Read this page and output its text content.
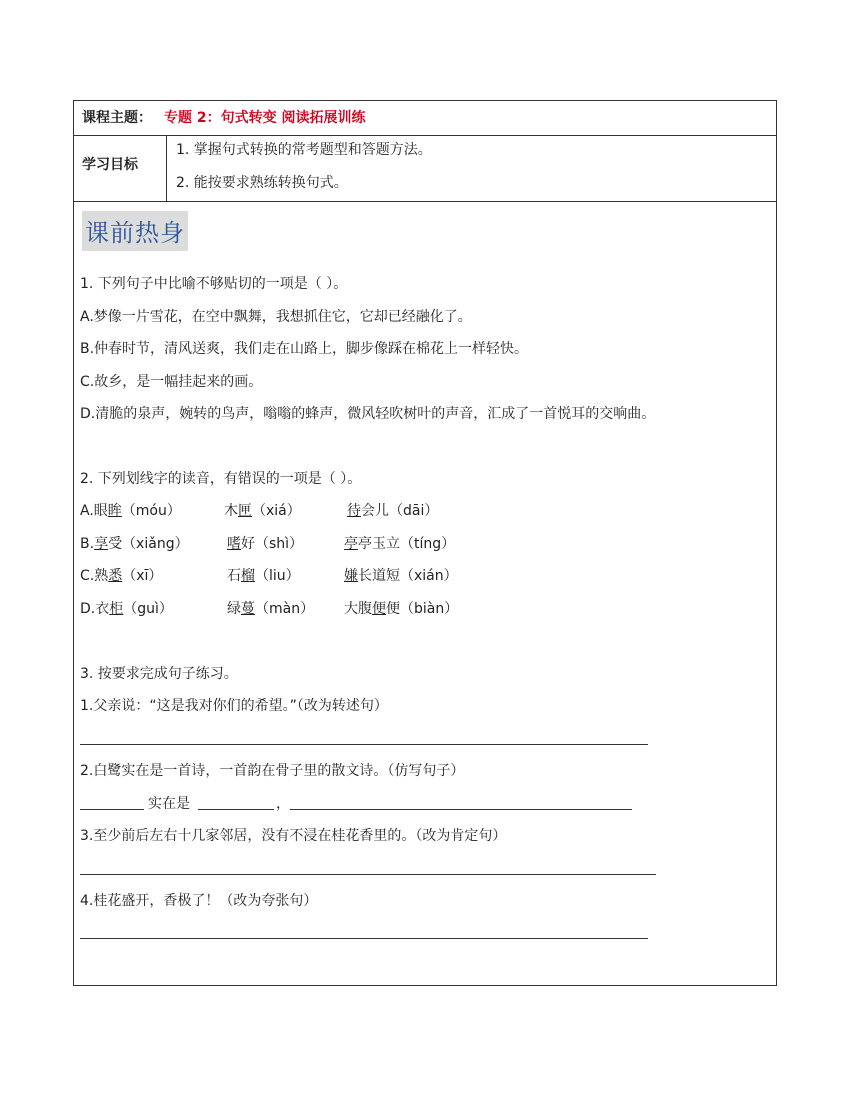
课程主题： 专题 2：句式转变 阅读拓展训练
学习目标
1. 掌握句式转换的常考题型和答题方法。
2. 能按要求熟练转换句式。
课前热身
1. 下列句子中比喻不够贴切的一项是（ ）。
A.梦像一片雪花，在空中飘舞，我想抓住它，它却已经融化了。
B.仲春时节，清风送爽，我们走在山路上，脚步像踩在棉花上一样轻快。
C.故乡，是一幅挂起来的画。
D.清脆的泉声，婉转的鸟声，嗡嗡的蜂声，微风轻吹树叶的声音，汇成了一首悦耳的交响曲。
2. 下列划线字的读音，有错误的一项是（ ）。
A.眼眸（móu）	木匣（xiá）	待会儿（dāi）
B.享受（xiǎng）	嗜好（shì）	亭亭玉立（tíng）
C.熟悉（xī）	石榴（liu）	嫌长道短（xián）
D.衣柜（guì）	绿蔓（màn） 大腹便便（biàn）
3. 按要求完成句子练习。
1.父亲说：“这是我对你们的希望。”（改为转述句）
2.白鹭实在是一首诗，一首韵在骨子里的散文诗。（仿写句子）
实在是	，
3.至少前后左右十几家邻居，没有不浸在桂花香里的。（改为肯定句）
4.桂花盛开，香极了！（改为夸张句）
